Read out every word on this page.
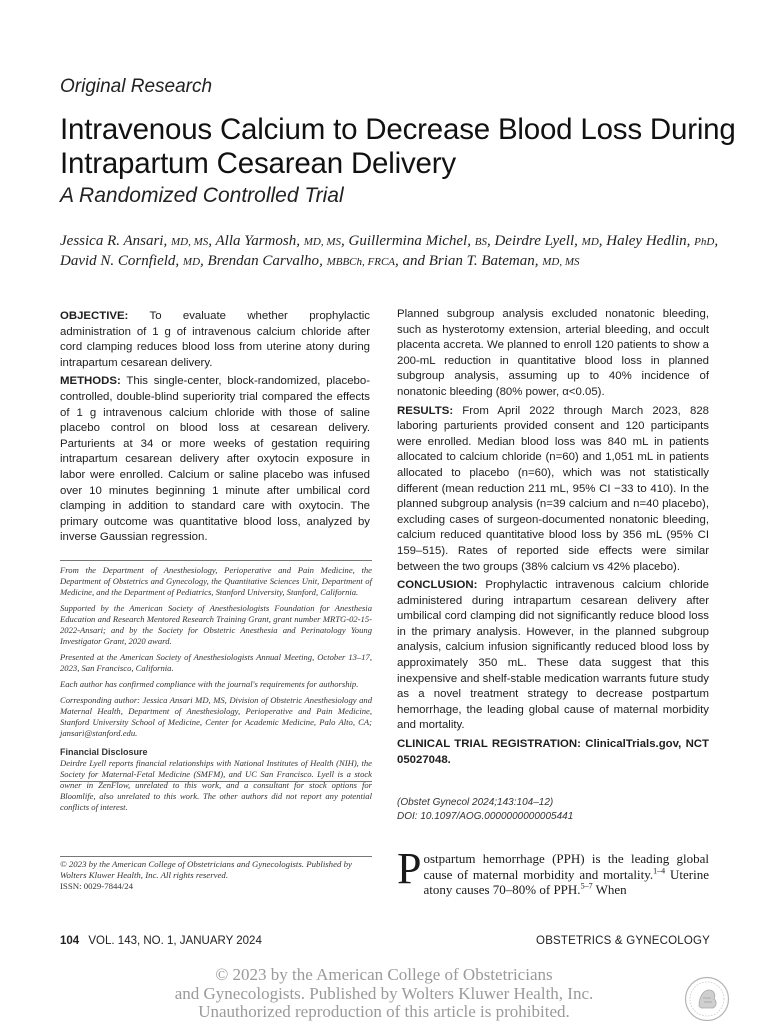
Original Research
Intravenous Calcium to Decrease Blood Loss During Intrapartum Cesarean Delivery
A Randomized Controlled Trial
Jessica R. Ansari, MD, MS, Alla Yarmosh, MD, MS, Guillermina Michel, BS, Deirdre Lyell, MD, Haley Hedlin, PhD, David N. Cornfield, MD, Brendan Carvalho, MBBCh, FRCA, and Brian T. Bateman, MD, MS

OBJECTIVE: To evaluate whether prophylactic administration of 1 g of intravenous calcium chloride after cord clamping reduces blood loss from uterine atony during intrapartum cesarean delivery.

METHODS: This single-center, block-randomized, placebo-controlled, double-blind superiority trial compared the effects of 1 g intravenous calcium chloride with those of saline placebo control on blood loss at cesarean delivery. Parturients at 34 or more weeks of gestation requiring intrapartum cesarean delivery after oxytocin exposure in labor were enrolled. Calcium or saline placebo was infused over 10 minutes beginning 1 minute after umbilical cord clamping in addition to standard care with oxytocin. The primary outcome was quantitative blood loss, analyzed by inverse Gaussian regression.

Planned subgroup analysis excluded nonatonic bleeding, such as hysterotomy extension, arterial bleeding, and occult placenta accreta. We planned to enroll 120 patients to show a 200-mL reduction in quantitative blood loss in planned subgroup analysis, assuming up to 40% incidence of nonatonic bleeding (80% power, α<0.05).

RESULTS: From April 2022 through March 2023, 828 laboring parturients provided consent and 120 participants were enrolled. Median blood loss was 840 mL in patients allocated to calcium chloride (n=60) and 1,051 mL in patients allocated to placebo (n=60), which was not statistically different (mean reduction 211 mL, 95% CI −33 to 410). In the planned subgroup analysis (n=39 calcium and n=40 placebo), excluding cases of surgeon-documented nonatonic bleeding, calcium reduced quantitative blood loss by 356 mL (95% CI 159–515). Rates of reported side effects were similar between the two groups (38% calcium vs 42% placebo).

CONCLUSION: Prophylactic intravenous calcium chloride administered during intrapartum cesarean delivery after umbilical cord clamping did not significantly reduce blood loss in the primary analysis. However, in the planned subgroup analysis, calcium infusion significantly reduced blood loss by approximately 350 mL. These data suggest that this inexpensive and shelf-stable medication warrants future study as a novel treatment strategy to decrease postpartum hemorrhage, the leading global cause of maternal morbidity and mortality.

CLINICAL TRIAL REGISTRATION: ClinicalTrials.gov, NCT 05027048.

(Obstet Gynecol 2024;143:104–12)
DOI: 10.1097/AOG.0000000000005441

From the Department of Anesthesiology, Perioperative and Pain Medicine, the Department of Obstetrics and Gynecology, the Quantitative Sciences Unit, Department of Medicine, and the Department of Pediatrics, Stanford University, Stanford, California.

Supported by the American Society of Anesthesiologists Foundation for Anesthesia Education and Research Mentored Research Training Grant, grant number MRTG-02-15-2022-Ansari; and by the Society for Obstetric Anesthesia and Perinatology Young Investigator Grant, 2020 award.

Presented at the American Society of Anesthesiologists Annual Meeting, October 13–17, 2023, San Francisco, California.

Each author has confirmed compliance with the journal's requirements for authorship.

Corresponding author: Jessica Ansari MD, MS, Division of Obstetric Anesthesiology and Maternal Health, Department of Anesthesiology, Perioperative and Pain Medicine, Stanford University School of Medicine, Center for Academic Medicine, Palo Alto, CA; jansari@stanford.edu.

Financial Disclosure

Deirdre Lyell reports financial relationships with National Institutes of Health (NIH), the Society for Maternal-Fetal Medicine (SMFM), and UC San Francisco. Lyell is a stock owner in ZenFlow, unrelated to this work, and a consultant for stock options for Bloomlife, also unrelated to this work. The other authors did not report any potential conflicts of interest.

© 2023 by the American College of Obstetricians and Gynecologists. Published by Wolters Kluwer Health, Inc. All rights reserved.
ISSN: 0029-7844/24	Postpartum hemorrhage (PPH) is the leading global cause of maternal morbidity and mortality.$^{1-4}$ Uterine atony causes 70–80% of PPH.$^{5-7}$ When
104 VOL. 143, NO. 1, JANUARY 2024	OBSTETRICS & GYNECOLOGY
© 2023 by the American College of Obstetricians
and Gynecologists. Published by Wolters Kluwer Health, Inc.
Unauthorized reproduction of this article is prohibited.
